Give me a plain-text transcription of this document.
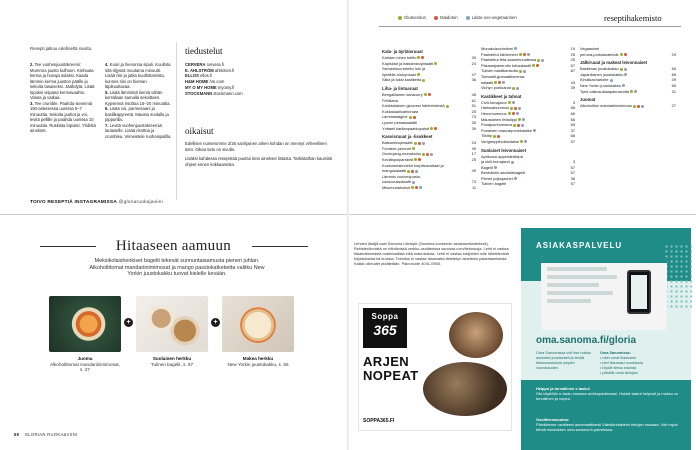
Resepti jatkuu edelliseltä sivulta.

2. Tee vuohenjuustokreemi: Murenna juusto kulhoon. Kiehauta kerma ja hunaja sulaksi. Kaada lämmin kerma juuston päälle ja sekoita tasaiseksi. Jäähdytä. Lisää lopuksi vispatut kermavaahto. Valuta ja vatkaa.

3. Tee crumble. Paahda siemeniä 150-asteisessa uunissa 5–7 minuuttia. Sekoita jauhot ja voi, levitä pellille ja paahda uunissa 10 minuuttia. Ruskista lopuksi. Yhdistä ainekset.

4. Kuori ja hienonna sipuli. Kuullota sitä öljyssä muutama minuutti. Lisää riisi ja jatka kuullottamista, kunnes riisi on hieman läpikuultavaa.

5. Lisää lämmintä liemiä vähän kerrallaan samalla sekoittaen. Kypsennä risottoa 15–20 minuuttia.

6. Lisää voi, parmesaani ja basilikapyreetä. Mausta suolalla ja pippurilla.

7. Levitä vuohenjuustokreemiä lautaselle. Lisää risottoa ja crumblea. Viimeistele ruohosipulilla.

TOIVO RESEPTIÄ INSTAGRAMISSA @gloriaruokajaviini
tiedustelut
CERVERA cervera.fi
E. AHLSTRÖM ahlstrom.fi
ELLOS ellos.fi
H&M HOME hm.com
MY O MY HOME myomy.fi
STOCKMANN stockmann.com
oikaisut

Edellisen numeromme 2/26 vanhjainen aihen kohdan on mennyt virheellinen tieto. Oikea tieto on sivulla.

Lisäksi kahdessa reseptissä puuttui tieto ainekset listasta. Tarkistathan kauniisti ohjeet ennen kokkaamista.

Hitaaseen aamuun
Meksikolaishenkiset bagelit tekevät sunnuntaiaamusta pienen juhlan. Alkoholittomat mandariinimimosat ja mango passiokatkeketta valitku New Yorkin juustokakku tuovat kielelle kevään.
+	+
Juoma
Alkoholittomat mandariinimimosat, s. 27
Suolainen herkku
Tulinen bagelit, s. 57
Makea herkku
New Yorkin juustokakku, s. 65
88 GLORIAN RUOKA&VIINI
Gluteeniton	Maidoton	Lakto-ovo-vegetaarinen	reseptihakemisto
Kala- ja äyriäisruuat
Kahden lohen keitto	30
Kapisidot ja balsamicopinaatti	24
Siemenkuorrutettu lohi ja
lipstiklie-rückynsaat	47
Siika ja tuksi kastiketta	36
Liha- ja lintuaruat
Bengalilainen karacurry	45
Frittikana	61
Kreikkalainen glouvesi härärnintestä	51
Kukkakaalicarbonara	25
Lammastagine	73
Lyonin persassalattii	35
Ynttaeli karitanpaahtopaistt	39
Kasvisruuat ja -lisukkeet
Balsamicopinaatti	24
Fondent-perunat	39
Gochujang-munakoiso	17
Kevätspulparramit	25
Kookosmaimoidut kurpitsavartaat ja
mangosalaatti	49
Lämmin vuohenjuusto-
couscoussalaatti	73
Misomunakoisot	11
Munakoisochnitzel	19
Paahdetut kikherneet	25
Paahdetut feta-kasarmunatessa	25
Pistaasipaneroitu tofusalaatti	57
Tulisen basilikarisotto	87
Tomaatti-granaattiomena-
salaatti	43
Vichyn porkkanat	39
Kastikkeet ja tahnat
Chili-hunajavoi	3
Harissahummus	66
Hernehummus	66
Maustainen fetadippi	66
Punajuurihummus	65
Punainen mascarponekastike	37
Tiikitip	66
Verigreippihollandaise	57
Suolaiset leivonnaiset
Aprikoosi-appelsiinileipä
ja chili-hunajavoi	3
Bagelit	57
Benedictin aamiaisbagelit	57
Pienet pojisqachet	36
Tulinen bagelit	57
Vegaaniset
peruna-porkkanaleivät	29
Jälkiruuat ja makeat leivonnaiset
Baskiman juustokakku	65
Japanilainen juustokakku	65
Kirsikkacharlotte	39
New Yorkin juustokakku	65
Tymi-valkosuklaapannacotta	31
Juomat
Alkoholiton mandariinimimosa	27
Lehden läsäjä osat Sanoma Lifestyle (Sanoma konsernin asiakasrekisterissä). Rekisteröinnistä on nähtävissä verkko-osoitteessa sanoma.com/tietosuoja. Lehti ei vastaa tilaamattomasta materiaalista eikä mainoksista. Lehti ei vastaa lukijoiden sille lähettämistä kirjoituksista tai kuvista. Toimitus ei vastaa tilaamatta lähetetyn aineiston palauttamisesta. Kaikki oikeudet pidätetään. Painotuote 4041-0955.
Soppa
365
ARJEN
NOPEAT
SOPPA365.FI
ASIAKASPALVELU
oma.sanoma.fi/gloria
Oma Sanomassa voit itse hoitaa asiointisi joustavasti ja tehdä tilausmuutoksia ympäri vuorokauden.
Oma Sanomissa:
• näet omat tilauksesi
• teet tilaustasi muutoksia
• löydät tietoa eduista
• päivität omia tietojasi
Helppo ja turvallinen e-lasku!
Ota käyttöön e-lasku omassa verkkopankissasi. Hoidat laskut helposti ja maksu on turvallinen ja nopea.
Osoitteenmuutos:
Päivitämme osoitteesi automaattisesti Väestörekisterin tietojen mukaan. Voit myös tehdä muutoksen oma.sanoma.fi-palvelussa.
